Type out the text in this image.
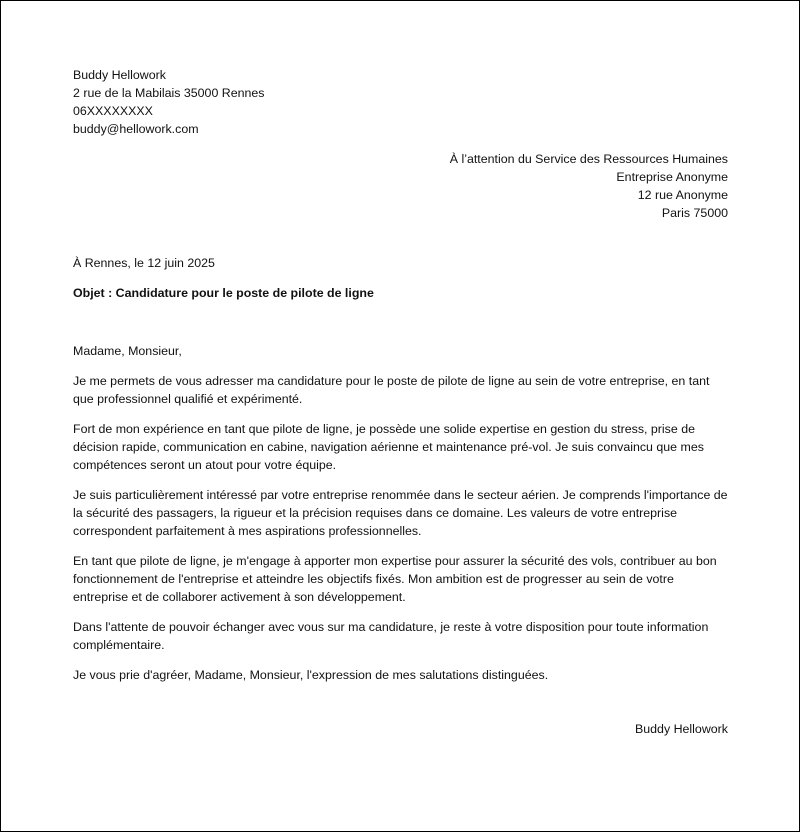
Buddy Hellowork
2 rue de la Mabilais 35000 Rennes
06XXXXXXXX
buddy@hellowork.com
À l’attention du Service des Ressources Humaines
Entreprise Anonyme
12 rue Anonyme
Paris 75000
À Rennes, le 12 juin 2025
Objet : Candidature pour le poste de pilote de ligne
Madame, Monsieur,

Je me permets de vous adresser ma candidature pour le poste de pilote de ligne au sein de votre entreprise, en tant que professionnel qualifié et expérimenté.

Fort de mon expérience en tant que pilote de ligne, je possède une solide expertise en gestion du stress, prise de décision rapide, communication en cabine, navigation aérienne et maintenance pré-vol. Je suis convaincu que mes compétences seront un atout pour votre équipe.

Je suis particulièrement intéressé par votre entreprise renommée dans le secteur aérien. Je comprends l'importance de la sécurité des passagers, la rigueur et la précision requises dans ce domaine. Les valeurs de votre entreprise correspondent parfaitement à mes aspirations professionnelles.

En tant que pilote de ligne, je m'engage à apporter mon expertise pour assurer la sécurité des vols, contribuer au bon fonctionnement de l'entreprise et atteindre les objectifs fixés. Mon ambition est de progresser au sein de votre entreprise et de collaborer activement à son développement.

Dans l'attente de pouvoir échanger avec vous sur ma candidature, je reste à votre disposition pour toute information complémentaire.

Je vous prie d'agréer, Madame, Monsieur, l'expression de mes salutations distinguées.

Buddy Hellowork
